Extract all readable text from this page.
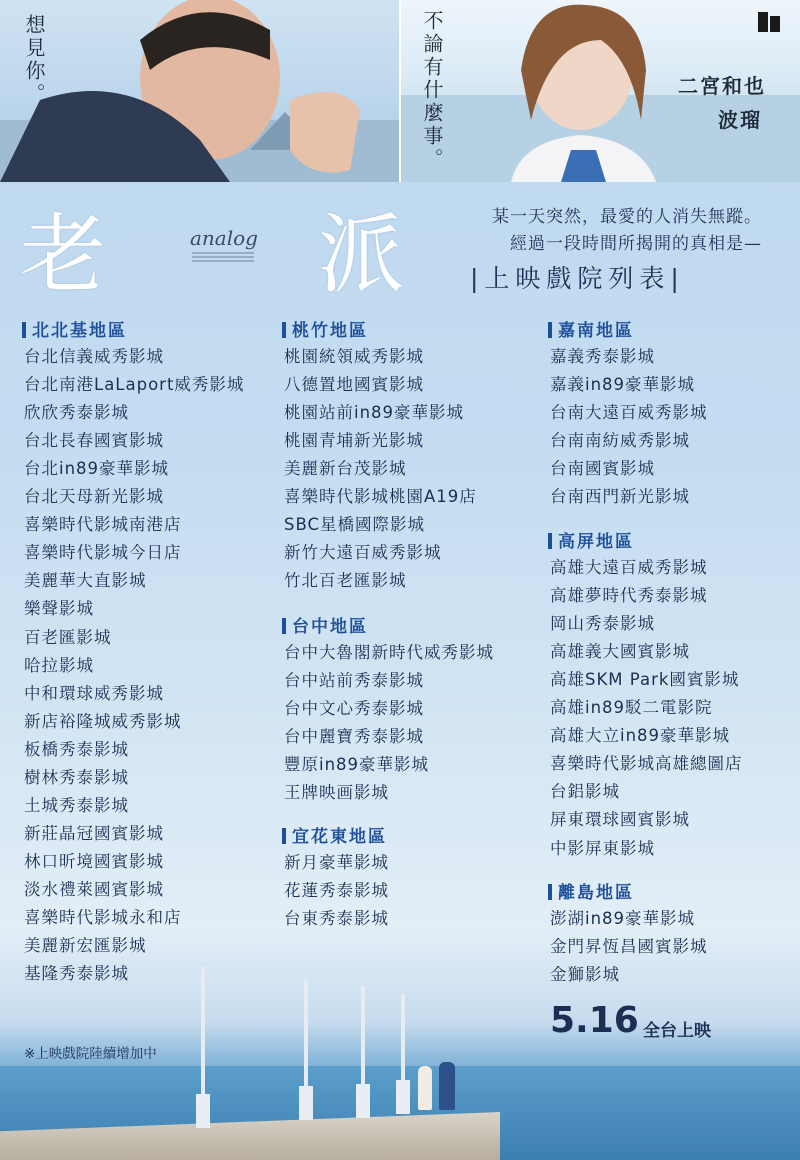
想見你。	不論有什麼事。	二宮和也
波瑠
老 派
analog
某一天突然，最愛的人消失無蹤。
經過一段時間所揭開的真相是—
|上映戲院列表|
北北基地區
台北信義威秀影城
台北南港LaLaport威秀影城
欣欣秀泰影城
台北長春國賓影城
台北in89豪華影城
台北天母新光影城
喜樂時代影城南港店
喜樂時代影城今日店
美麗華大直影城
樂聲影城
百老匯影城
哈拉影城
中和環球威秀影城
新店裕隆城威秀影城
板橋秀泰影城
樹林秀泰影城
土城秀泰影城
新莊晶冠國賓影城
林口昕境國賓影城
淡水禮萊國賓影城
喜樂時代影城永和店
美麗新宏匯影城
基隆秀泰影城
桃竹地區
桃園統領威秀影城
八德置地國賓影城
桃園站前in89豪華影城
桃園青埔新光影城
美麗新台茂影城
喜樂時代影城桃園A19店
SBC星橋國際影城
新竹大遠百威秀影城
竹北百老匯影城
台中地區
台中大魯閣新時代威秀影城
台中站前秀泰影城
台中文心秀泰影城
台中麗寶秀泰影城
豐原in89豪華影城
王牌映画影城
宜花東地區
新月豪華影城
花蓮秀泰影城
台東秀泰影城
嘉南地區
嘉義秀泰影城
嘉義in89豪華影城
台南大遠百威秀影城
台南南紡威秀影城
台南國賓影城
台南西門新光影城
高屏地區
高雄大遠百威秀影城
高雄夢時代秀泰影城
岡山秀泰影城
高雄義大國賓影城
高雄SKM Park國賓影城
高雄in89駁二電影院
高雄大立in89豪華影城
喜樂時代影城高雄總圖店
台鋁影城
屏東環球國賓影城
中影屏東影城
離島地區
澎湖in89豪華影城
金門昇恆昌國賓影城
金獅影城
5.16 全台上映
※上映戲院陸續增加中
